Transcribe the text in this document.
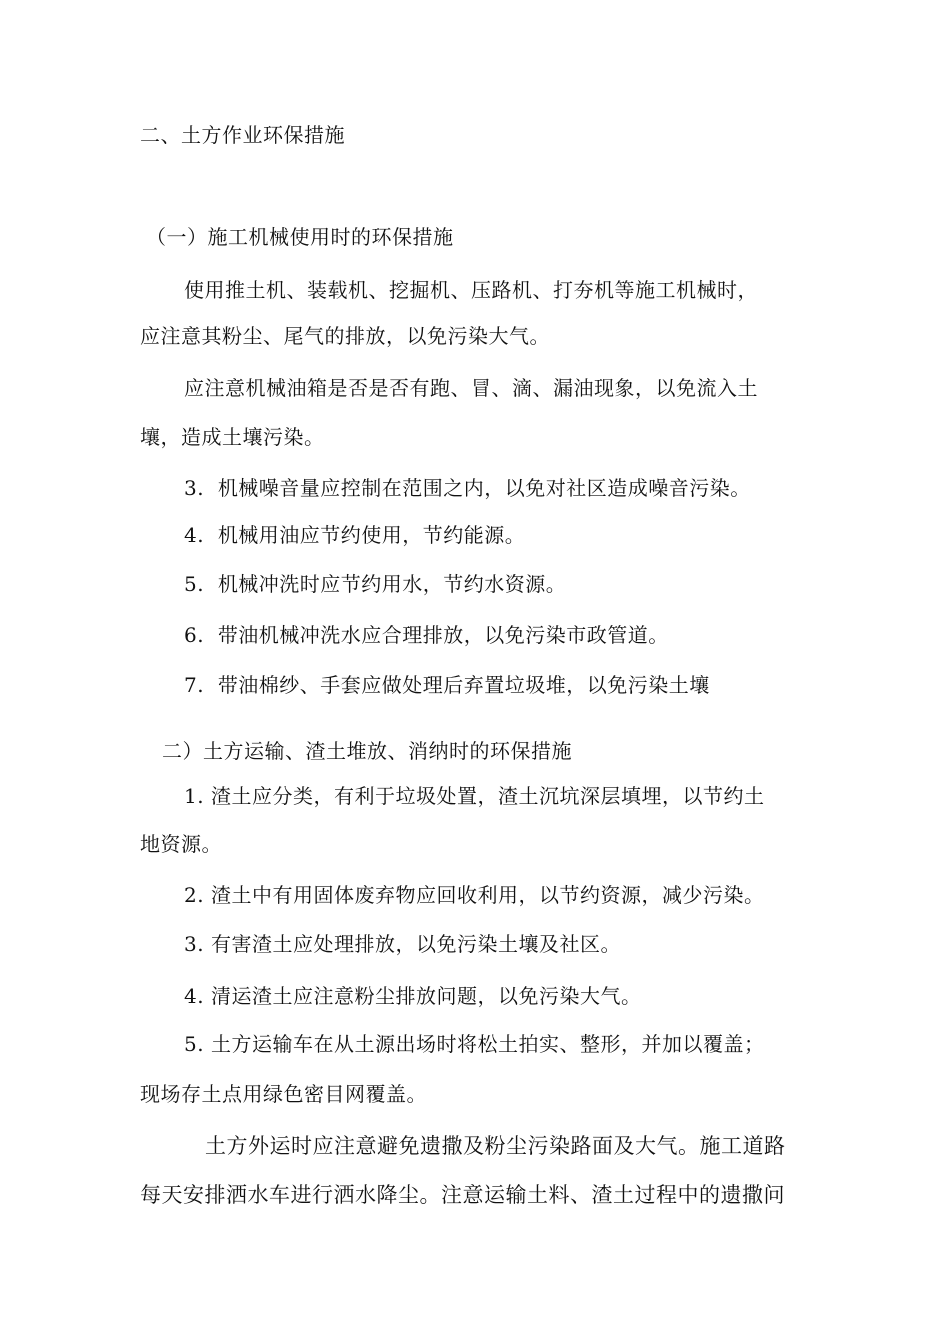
二、土方作业环保措施
（一）施工机械使用时的环保措施
使用推土机、装载机、挖掘机、压路机、打夯机等施工机械时，
应注意其粉尘、尾气的排放，以免污染大气。
应注意机械油箱是否是否有跑、冒、滴、漏油现象，以免流入土
壤，造成土壤污染。
3. 机械噪音量应控制在范围之内，以免对社区造成噪音污染。
4. 机械用油应节约使用，节约能源。
5. 机械冲洗时应节约用水，节约水资源。
6. 带油机械冲洗水应合理排放，以免污染市政管道。
7. 带油棉纱、手套应做处理后弃置垃圾堆，以免污染土壤
二）土方运输、渣土堆放、消纳时的环保措施
1. 渣土应分类，有利于垃圾处置，渣土沉坑深层填埋，以节约土
地资源。
2. 渣土中有用固体废弃物应回收利用，以节约资源，减少污染。
3. 有害渣土应处理排放，以免污染土壤及社区。
4. 清运渣土应注意粉尘排放问题，以免污染大气。
5. 土方运输车在从土源出场时将松土拍实、整形，并加以覆盖；
现场存土点用绿色密目网覆盖。
土方外运时应注意避免遗撒及粉尘污染路面及大气。施工道路
每天安排洒水车进行洒水降尘。注意运输土料、渣土过程中的遗撒问
